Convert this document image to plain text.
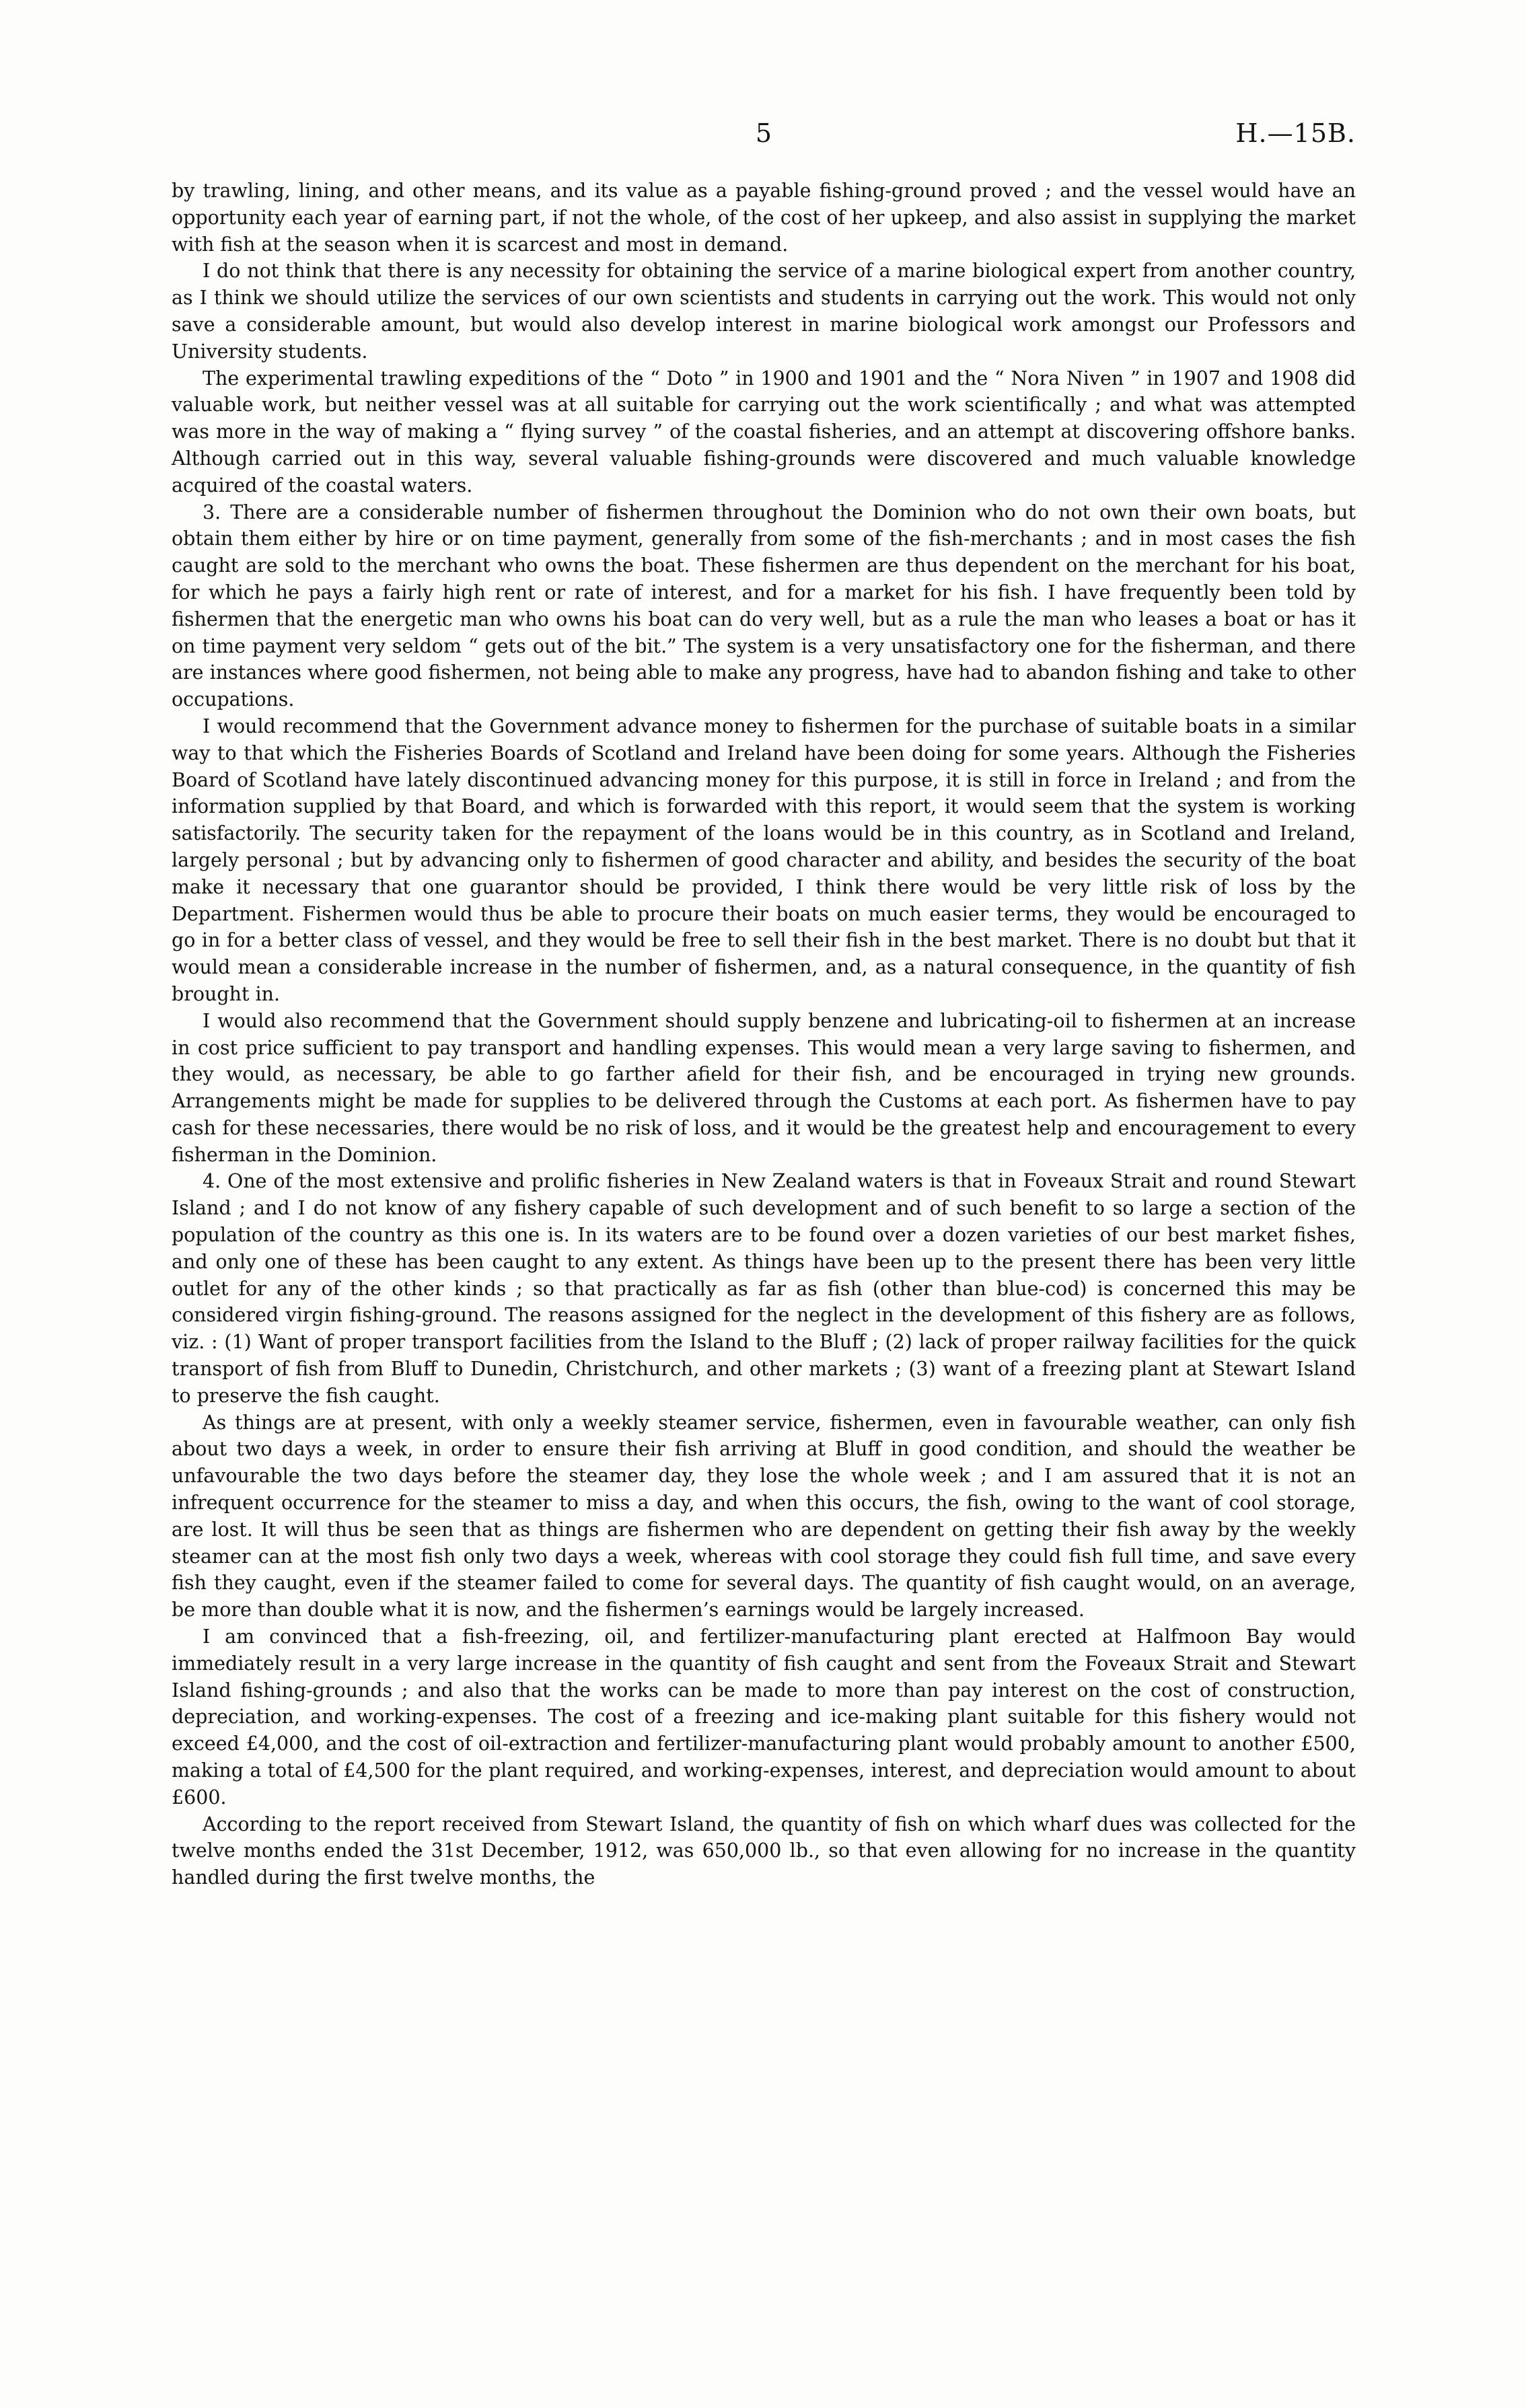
5	H.—15B.

by trawling, lining, and other means, and its value as a payable fishing-ground proved ; and the vessel would have an opportunity each year of earning part, if not the whole, of the cost of her upkeep, and also assist in supplying the market with fish at the season when it is scarcest and most in demand.

I do not think that there is any necessity for obtaining the service of a marine biological expert from another country, as I think we should utilize the services of our own scientists and students in carrying out the work. This would not only save a considerable amount, but would also develop interest in marine biological work amongst our Professors and University students.

The experimental trawling expeditions of the “ Doto ” in 1900 and 1901 and the “ Nora Niven ” in 1907 and 1908 did valuable work, but neither vessel was at all suitable for carrying out the work scientifically ; and what was attempted was more in the way of making a “ flying survey ” of the coastal fisheries, and an attempt at discovering offshore banks. Although carried out in this way, several valuable fishing-grounds were discovered and much valuable knowledge acquired of the coastal waters.

3. There are a considerable number of fishermen throughout the Dominion who do not own their own boats, but obtain them either by hire or on time payment, generally from some of the fish-merchants ; and in most cases the fish caught are sold to the merchant who owns the boat. These fishermen are thus dependent on the merchant for his boat, for which he pays a fairly high rent or rate of interest, and for a market for his fish. I have frequently been told by fishermen that the energetic man who owns his boat can do very well, but as a rule the man who leases a boat or has it on time payment very seldom “ gets out of the bit.” The system is a very unsatisfactory one for the fisherman, and there are instances where good fishermen, not being able to make any progress, have had to abandon fishing and take to other occupations.

I would recommend that the Government advance money to fishermen for the purchase of suitable boats in a similar way to that which the Fisheries Boards of Scotland and Ireland have been doing for some years. Although the Fisheries Board of Scotland have lately discontinued advancing money for this purpose, it is still in force in Ireland ; and from the information supplied by that Board, and which is forwarded with this report, it would seem that the system is working satisfactorily. The security taken for the repayment of the loans would be in this country, as in Scotland and Ireland, largely personal ; but by advancing only to fishermen of good character and ability, and besides the security of the boat make it necessary that one guarantor should be provided, I think there would be very little risk of loss by the Department. Fishermen would thus be able to procure their boats on much easier terms, they would be encouraged to go in for a better class of vessel, and they would be free to sell their fish in the best market. There is no doubt but that it would mean a considerable increase in the number of fishermen, and, as a natural consequence, in the quantity of fish brought in.

I would also recommend that the Government should supply benzene and lubricating-oil to fishermen at an increase in cost price sufficient to pay transport and handling expenses. This would mean a very large saving to fishermen, and they would, as necessary, be able to go farther afield for their fish, and be encouraged in trying new grounds. Arrangements might be made for supplies to be delivered through the Customs at each port. As fishermen have to pay cash for these necessaries, there would be no risk of loss, and it would be the greatest help and encouragement to every fisherman in the Dominion.

4. One of the most extensive and prolific fisheries in New Zealand waters is that in Foveaux Strait and round Stewart Island ; and I do not know of any fishery capable of such development and of such benefit to so large a section of the population of the country as this one is. In its waters are to be found over a dozen varieties of our best market fishes, and only one of these has been caught to any extent. As things have been up to the present there has been very little outlet for any of the other kinds ; so that practically as far as fish (other than blue-cod) is concerned this may be considered virgin fishing-ground. The reasons assigned for the neglect in the development of this fishery are as follows, viz. : (1) Want of proper transport facilities from the Island to the Bluff ; (2) lack of proper railway facilities for the quick transport of fish from Bluff to Dunedin, Christchurch, and other markets ; (3) want of a freezing plant at Stewart Island to preserve the fish caught.

As things are at present, with only a weekly steamer service, fishermen, even in favourable weather, can only fish about two days a week, in order to ensure their fish arriving at Bluff in good condition, and should the weather be unfavourable the two days before the steamer day, they lose the whole week ; and I am assured that it is not an infrequent occurrence for the steamer to miss a day, and when this occurs, the fish, owing to the want of cool storage, are lost. It will thus be seen that as things are fishermen who are dependent on getting their fish away by the weekly steamer can at the most fish only two days a week, whereas with cool storage they could fish full time, and save every fish they caught, even if the steamer failed to come for several days. The quantity of fish caught would, on an average, be more than double what it is now, and the fishermen’s earnings would be largely increased.

I am convinced that a fish-freezing, oil, and fertilizer-manufacturing plant erected at Halfmoon Bay would immediately result in a very large increase in the quantity of fish caught and sent from the Foveaux Strait and Stewart Island fishing-grounds ; and also that the works can be made to more than pay interest on the cost of construction, depreciation, and working-expenses. The cost of a freezing and ice-making plant suitable for this fishery would not exceed £4,000, and the cost of oil-extraction and fertilizer-manufacturing plant would probably amount to another £500, making a total of £4,500 for the plant required, and working-expenses, interest, and depreciation would amount to about £600.

According to the report received from Stewart Island, the quantity of fish on which wharf dues was collected for the twelve months ended the 31st December, 1912, was 650,000 lb., so that even allowing for no increase in the quantity handled during the first twelve months, the
